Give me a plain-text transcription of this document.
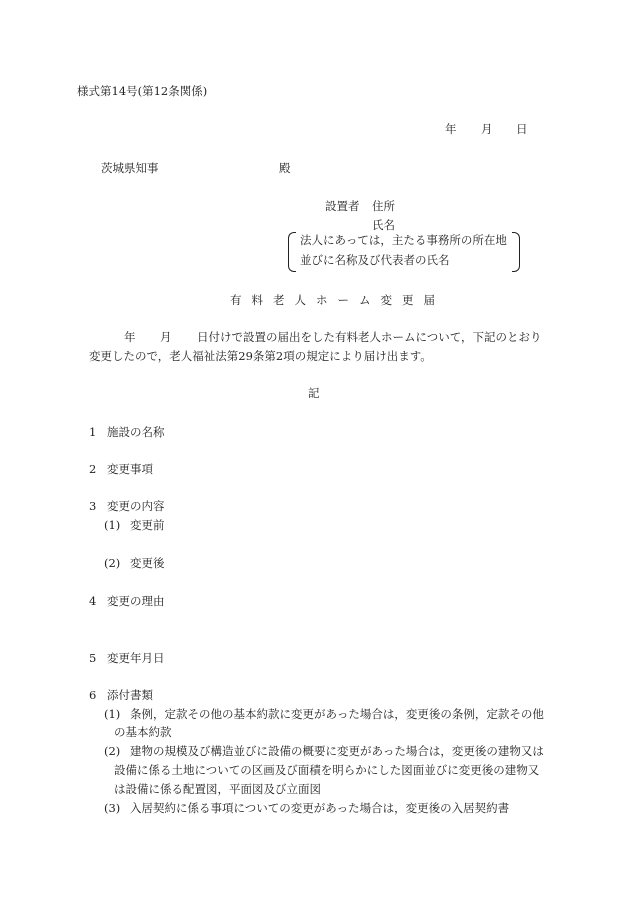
様式第14号(第12条関係)
年 月 日
茨城県知事	殿
設置者 住所
氏名
法人にあっては，主たる事務所の所在地
並びに名称及び代表者の氏名
有料老人ホーム変更届
年 月 日付けで設置の届出をした有料老人ホームについて，下記のとおり
変更したので，老人福祉法第29条第2項の規定により届け出ます。
記
1 施設の名称
2 変更事項
3 変更の内容
(1) 変更前
(2) 変更後
4 変更の理由
5 変更年月日
6 添付書類
(1) 条例，定款その他の基本約款に変更があった場合は，変更後の条例，定款その他
の基本約款
(2) 建物の規模及び構造並びに設備の概要に変更があった場合は，変更後の建物又は
設備に係る土地についての区画及び面積を明らかにした図面並びに変更後の建物又
は設備に係る配置図，平面図及び立面図
(3) 入居契約に係る事項についての変更があった場合は，変更後の入居契約書
